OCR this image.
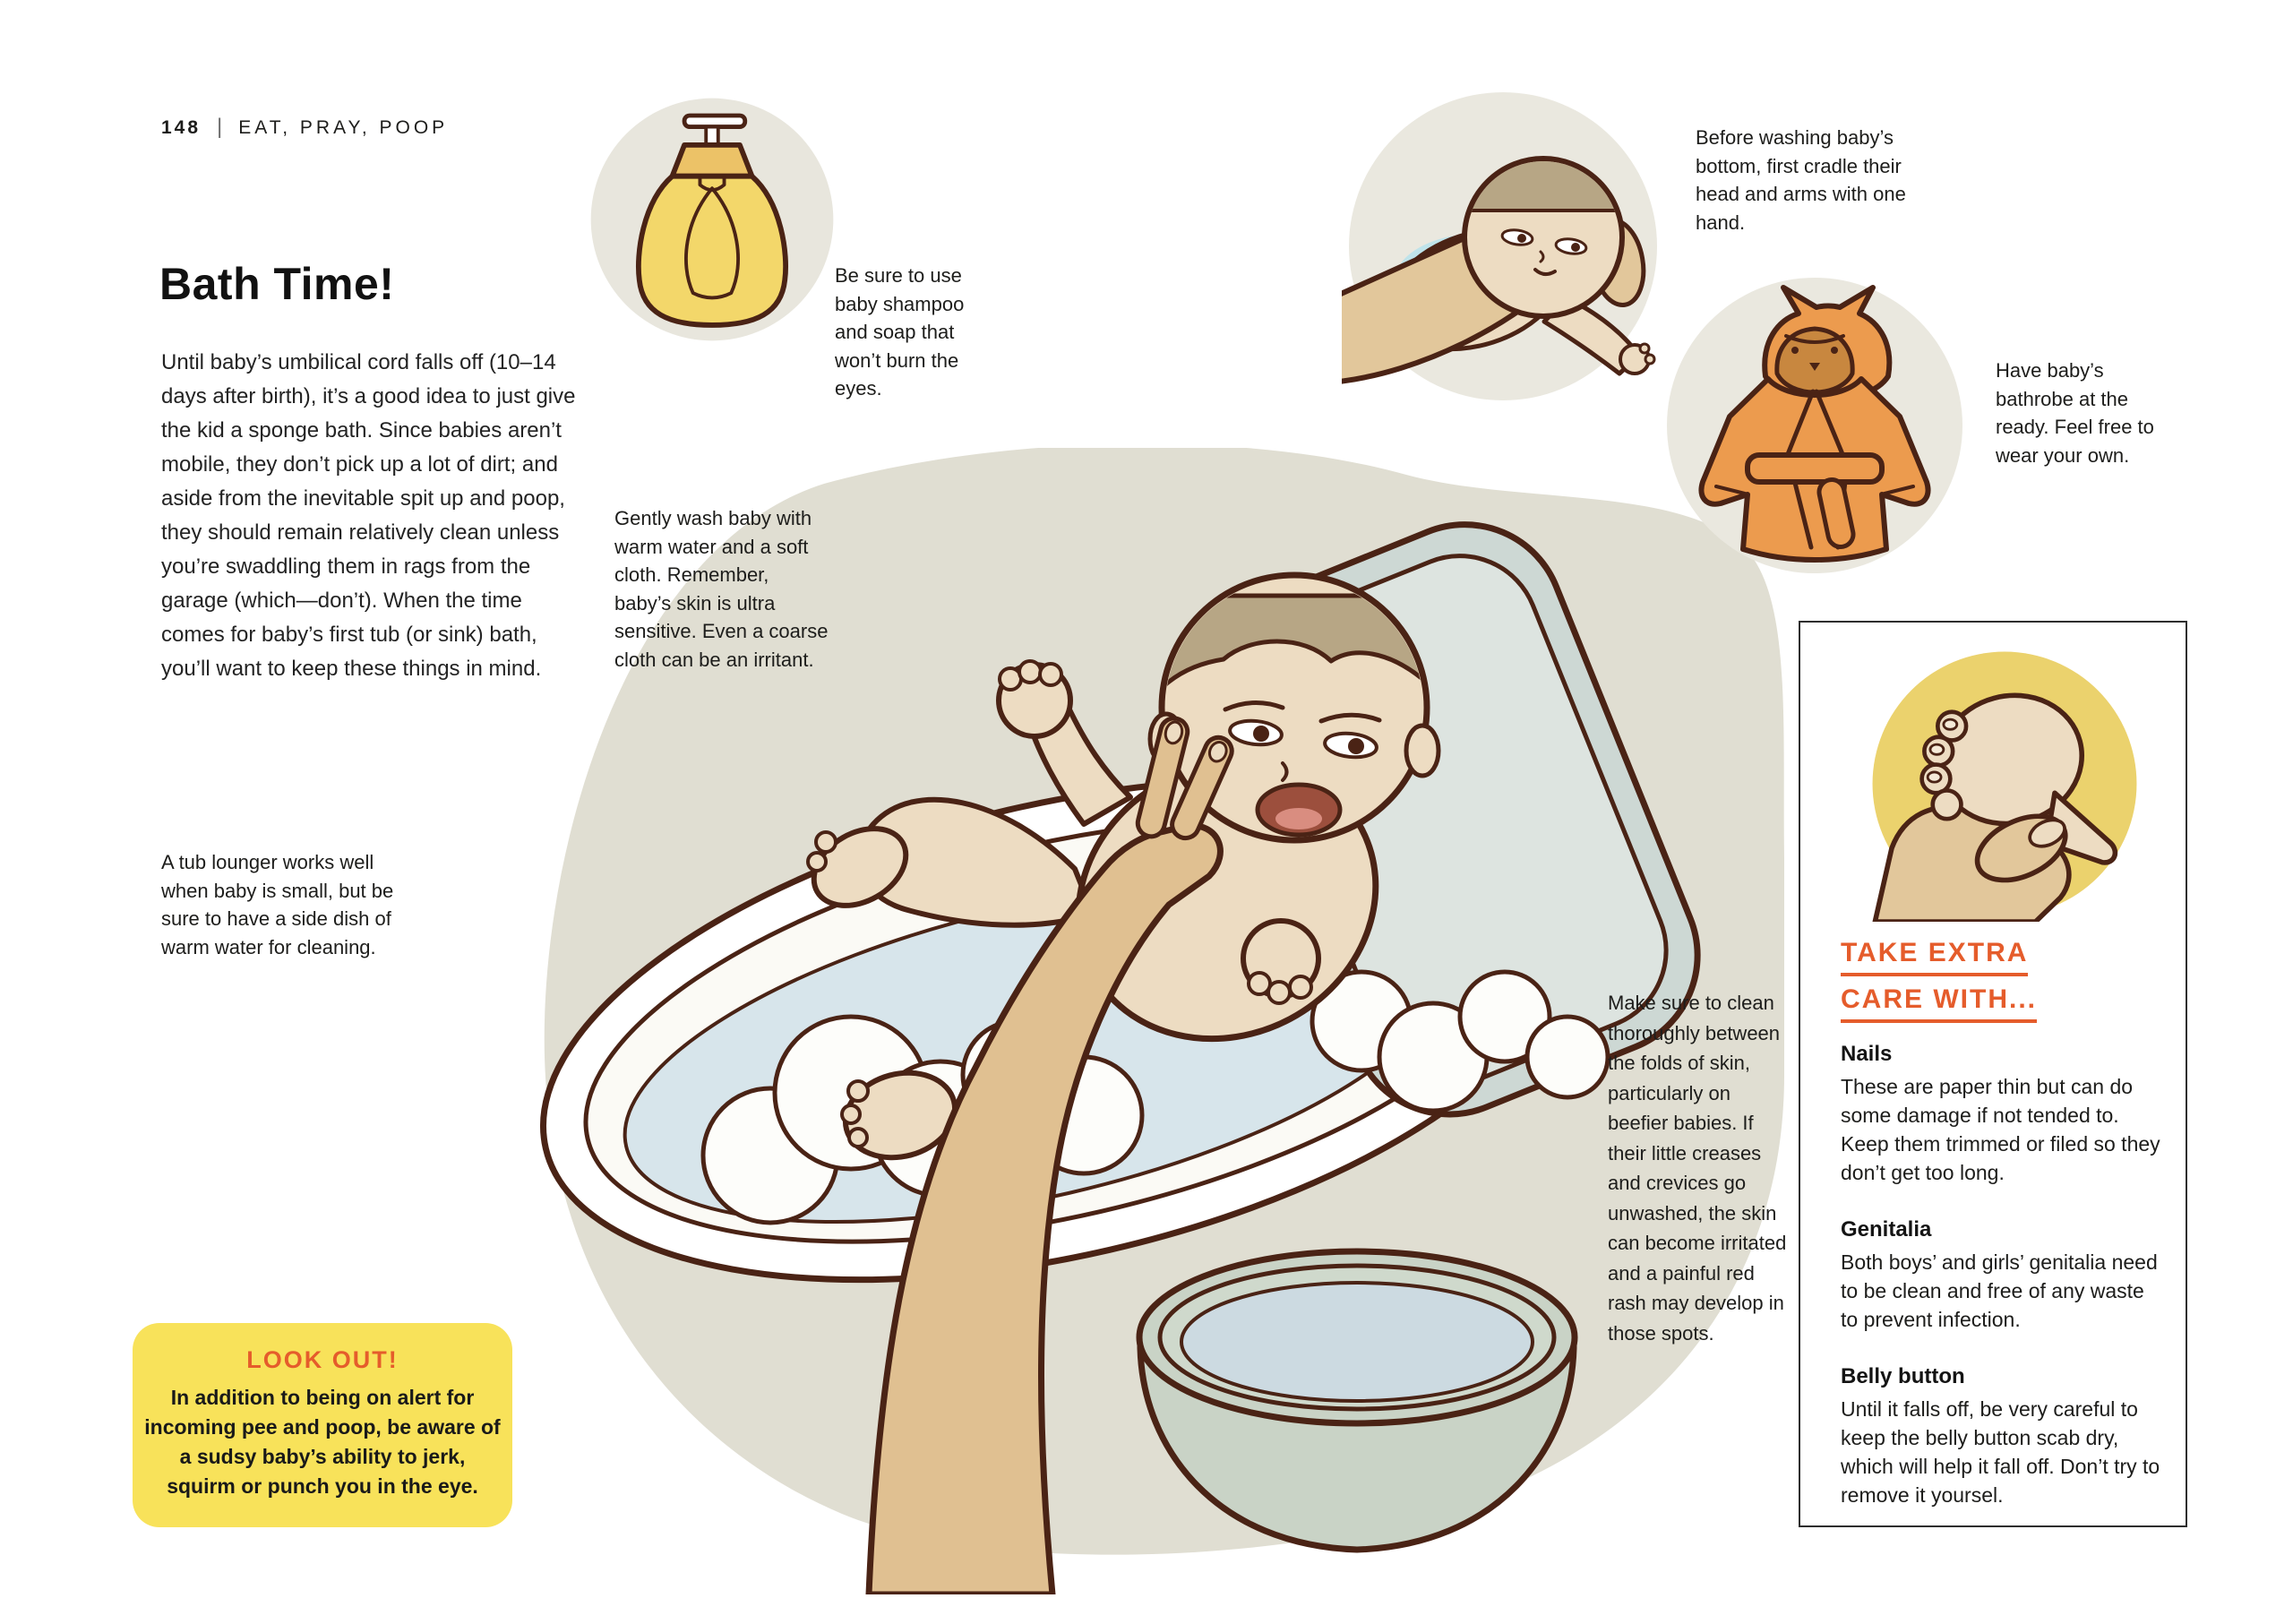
148 | EAT, PRAY, POOP
Bath Time!
Until baby’s umbilical cord falls off (10–14 days after birth), it’s a good idea to just give the kid a sponge bath. Since babies aren’t mobile, they don’t pick up a lot of dirt; and aside from the inevitable spit up and poop, they should remain relatively clean unless you’re swaddling them in rags from the garage (which—don’t). When the time comes for baby’s first tub (or sink) bath, you’ll want to keep these things in mind.
A tub lounger works well when baby is small, but be sure to have a side dish of warm water for cleaning.
Be sure to use baby shampoo and soap that won’t burn the eyes.
Gently wash baby with warm water and a soft cloth. Remember, baby’s skin is ultra sensitive. Even a coarse cloth can be an irritant.
Before washing baby’s bottom, first cradle their head and arms with one hand.
Have baby’s bathrobe at the ready. Feel free to wear your own.
Make sure to clean thoroughly between the folds of skin, particularly on beefier babies. If their little creases and crevices go unwashed, the skin can become irritated and a painful red rash may develop in those spots.
TAKE EXTRA
CARE WITH...
Nails

These are paper thin but can do some damage if not tended to. Keep them trimmed or filed so they don’t get too long.

Genitalia

Both boys’ and girls’ genitalia need to be clean and free of any waste to prevent infection.

Belly button

Until it falls off, be very careful to keep the belly button scab dry, which will help it fall off. Don’t try to remove it yoursel.

LOOK OUT!
In addition to being on alert for incoming pee and poop, be aware of a sudsy baby’s ability to jerk, squirm or punch you in the eye.
